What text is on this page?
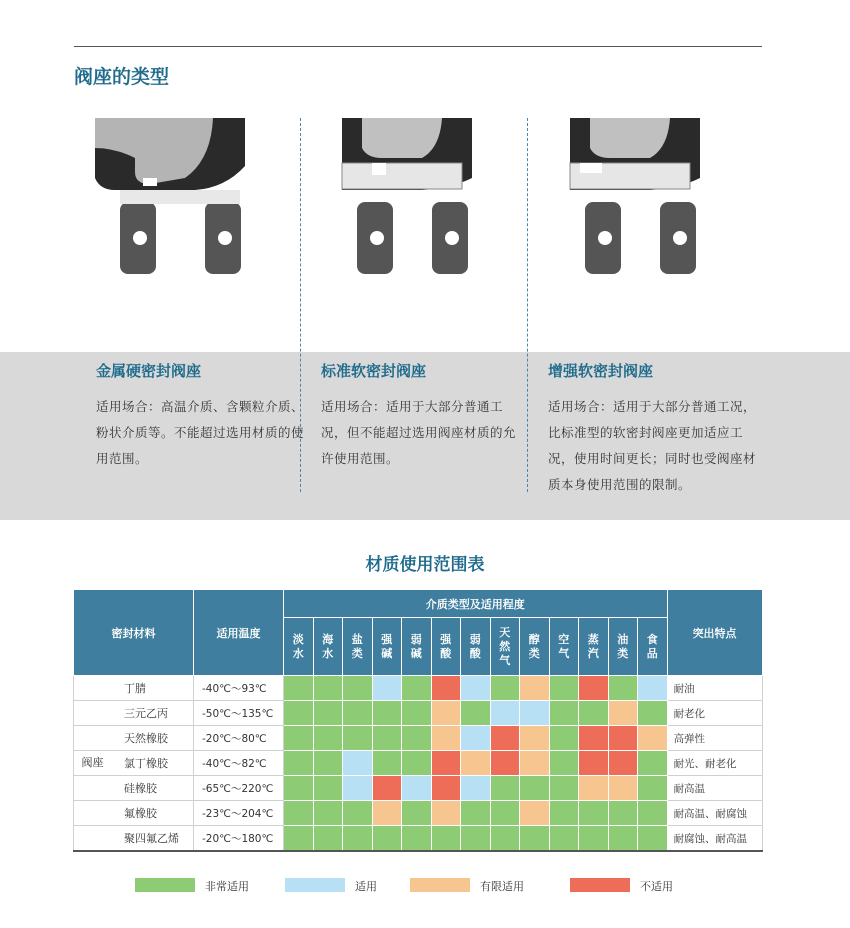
阀座的类型
金属硬密封阀座
适用场合：高温介质、含颗粒介质、粉状介质等。不能超过选用材质的使用范围。
标准软密封阀座
适用场合：适用于大部分普通工况，但不能超过选用阀座材质的允许使用范围。
增强软密封阀座
适用场合：适用于大部分普通工况，比标准型的软密封阀座更加适应工况，使用时间更长；同时也受阀座材质本身使用范围的限制。
材质使用范围表
密封材料	适用温度	介质类型及适用程度													突出特点
		淡水	海水	盐类	强碱	弱碱	强酸	弱酸	天然气	醇类	空气	蒸汽	油类	食品	
丁腈	-40℃～93℃														耐油
三元乙丙	-50℃～135℃														耐老化
天然橡胶	-20℃～80℃														高弹性
氯丁橡胶	-40℃～82℃														耐光、耐老化
硅橡胶	-65℃～220℃														耐高温
氟橡胶	-23℃～204℃														耐高温、耐腐蚀
聚四氟乙烯	-20℃～180℃														耐腐蚀、耐高温

阀座
非常适用	适用	有限适用	不适用
